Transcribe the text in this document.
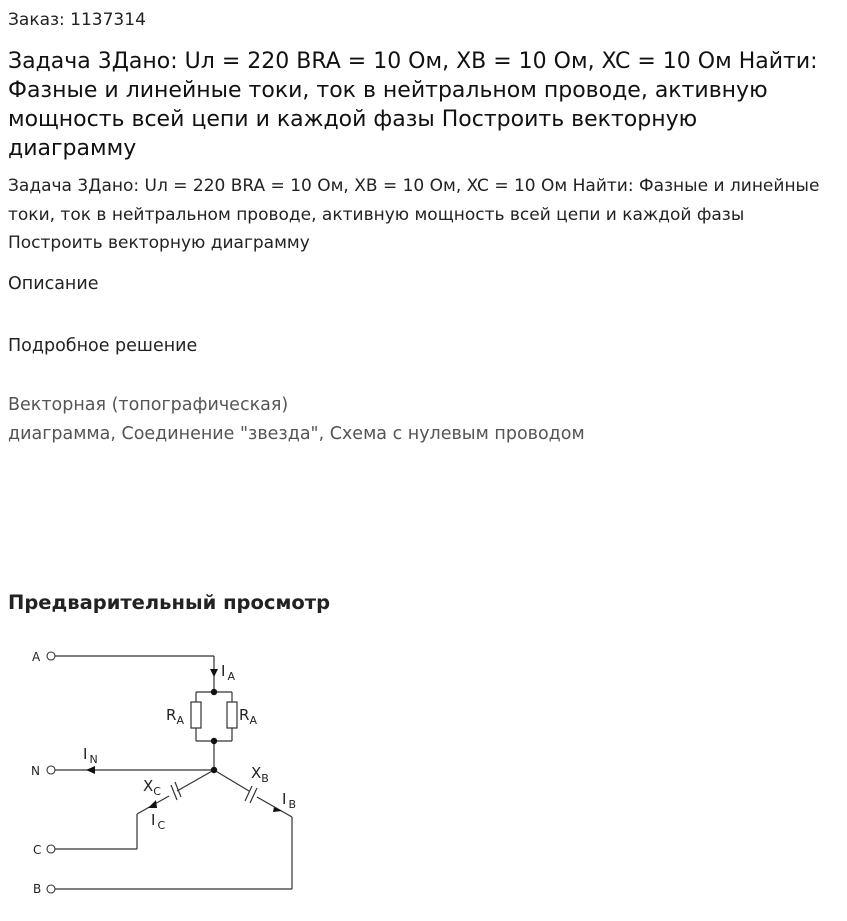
Заказ: 1137314
Задача 3Дано: Uл = 220 BRA = 10 Ом, XB = 10 Ом, XC = 10 Ом Найти: Фазные и линейные токи, ток в нейтральном проводе, активную мощность всей цепи и каждой фазы Построить векторную диаграмму

Задача 3Дано: Uл = 220 BRA = 10 Ом, XB = 10 Ом, XC = 10 Ом Найти: Фазные и линейные токи, ток в нейтральном проводе, активную мощность всей цепи и каждой фазы Построить векторную диаграмму

Описание
Подробное решение
Векторная (топографическая)
диаграмма, Соединение "звезда", Схема с нулевым проводом
Предварительный просмотр
A
N
C
B
I $_A$
$R_A$	$R_A$
I $_N$
$X_C$
$X_B$
I $_B$
I $_C$
